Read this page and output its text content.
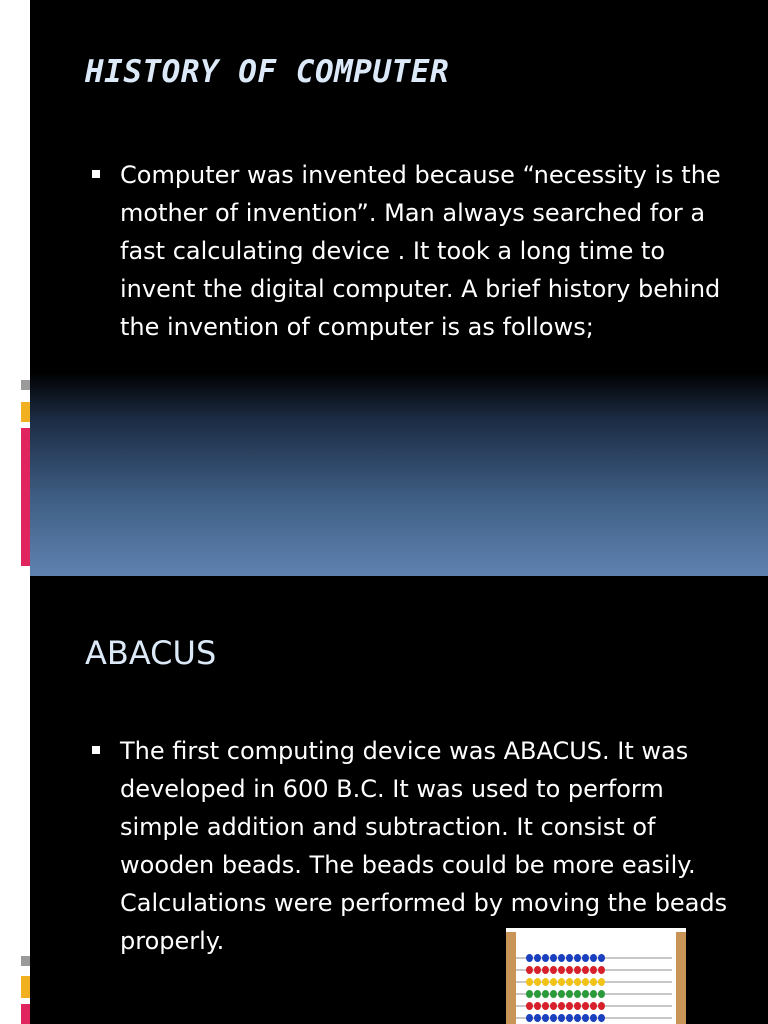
HISTORY OF COMPUTER

Computer was invented because “necessity is the mother of invention”. Man always searched for a fast calculating device . It took a long time to invent the digital computer. A brief history behind the invention of computer is as follows;

ABACUS

The first computing device was ABACUS. It was developed in 600 B.C. It was used to perform simple addition and subtraction. It consist of wooden beads. The beads could be more easily. Calculations were performed by moving the beads properly.
